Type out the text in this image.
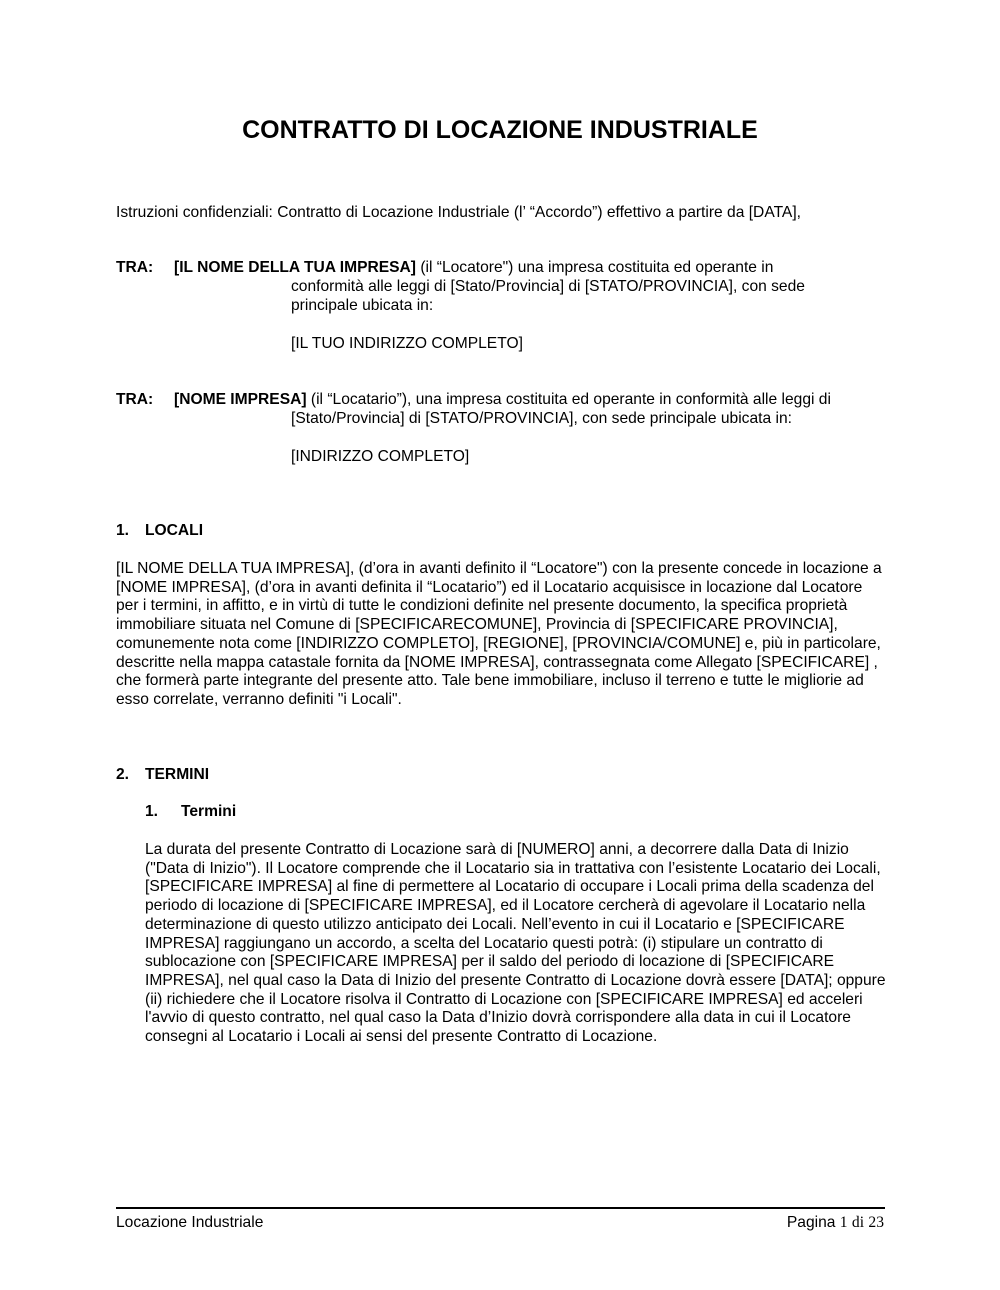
CONTRATTO DI LOCAZIONE INDUSTRIALE
Istruzioni confidenziali: Contratto di Locazione Industriale (l’ “Accordo”) effettivo a partire da [DATA],
TRA: [IL NOME DELLA TUA IMPRESA] (il “Locatore") una impresa costituita ed operante in
conformità alle leggi di [Stato/Provincia] di [STATO/PROVINCIA], con sede principale ubicata in:
[IL TUO INDIRIZZO COMPLETO]
TRA: [NOME IMPRESA] (il “Locatario”), una impresa costituita ed operante in conformità alle leggi di
[Stato/Provincia] di [STATO/PROVINCIA], con sede principale ubicata in:
[INDIRIZZO COMPLETO]
1. LOCALI
[IL NOME DELLA TUA IMPRESA], (d’ora in avanti definito il “Locatore") con la presente concede in locazione a [NOME IMPRESA], (d’ora in avanti definita il “Locatario”) ed il Locatario acquisisce in locazione dal Locatore per i termini, in affitto, e in virtù di tutte le condizioni definite nel presente documento, la specifica proprietà immobiliare situata nel Comune di [SPECIFICARECOMUNE], Provincia di [SPECIFICARE PROVINCIA], comunemente nota come [INDIRIZZO COMPLETO], [REGIONE], [PROVINCIA/COMUNE] e, più in particolare, descritte nella mappa catastale fornita da [NOME IMPRESA], contrassegnata come Allegato [SPECIFICARE] , che formerà parte integrante del presente atto. Tale bene immobiliare, incluso il terreno e tutte le migliorie ad esso correlate, verranno definiti "i Locali".
2. TERMINI
1. Termini
La durata del presente Contratto di Locazione sarà di [NUMERO] anni, a decorrere dalla Data di Inizio ("Data di Inizio"). Il Locatore comprende che il Locatario sia in trattativa con l’esistente Locatario dei Locali, [SPECIFICARE IMPRESA] al fine di permettere al Locatario di occupare i Locali prima della scadenza del periodo di locazione di [SPECIFICARE IMPRESA], ed il Locatore cercherà di agevolare il Locatario nella determinazione di questo utilizzo anticipato dei Locali. Nell’evento in cui il Locatario e [SPECIFICARE IMPRESA] raggiungano un accordo, a scelta del Locatario questi potrà: (i) stipulare un contratto di sublocazione con [SPECIFICARE IMPRESA] per il saldo del periodo di locazione di [SPECIFICARE IMPRESA], nel qual caso la Data di Inizio del presente Contratto di Locazione dovrà essere [DATA]; oppure (ii) richiedere che il Locatore risolva il Contratto di Locazione con [SPECIFICARE IMPRESA] ed acceleri l'avvio di questo contratto, nel qual caso la Data d’Inizio dovrà corrispondere alla data in cui il Locatore consegni al Locatario i Locali ai sensi del presente Contratto di Locazione.
Locazione Industriale	Pagina 1 di 23
